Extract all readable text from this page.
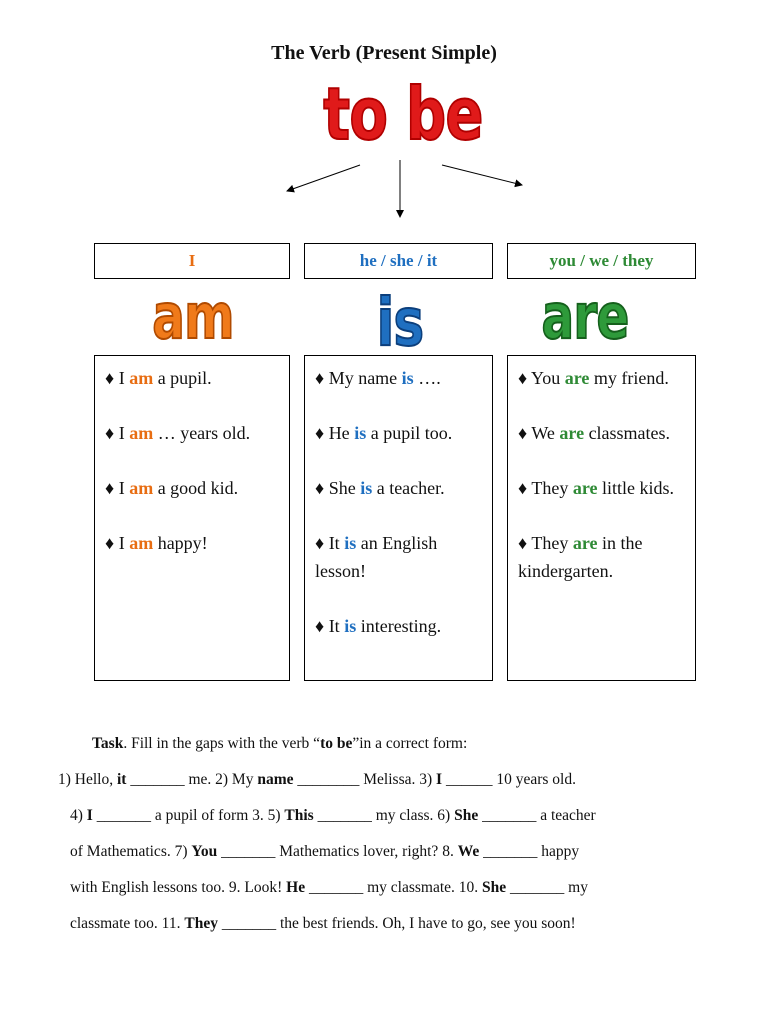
The Verb (Present Simple)
to be
I	he / she / it	you / we / they
am	is	are
♦ I am a pupil.
♦ I am … years old.
♦ I am a good kid.
♦ I am happy!
♦ My name is ….
♦ He is a pupil too.
♦ She is a teacher.
♦ It is an English lesson!
♦ It is interesting.
♦ You are my friend.
♦ We are classmates.
♦ They are little kids.
♦ They are in the kindergarten.
Task. Fill in the gaps with the verb “to be”in a correct form:
1) Hello, it _______ me. 2) My name ________ Melissa. 3) I ______ 10 years old.
4) I _______ a pupil of form 3. 5) This _______ my class. 6) She _______ a teacher
of Mathematics. 7) You _______ Mathematics lover, right? 8. We _______ happy
with English lessons too. 9. Look! He _______ my classmate. 10. She _______ my
classmate too. 11. They _______ the best friends. Oh, I have to go, see you soon!
